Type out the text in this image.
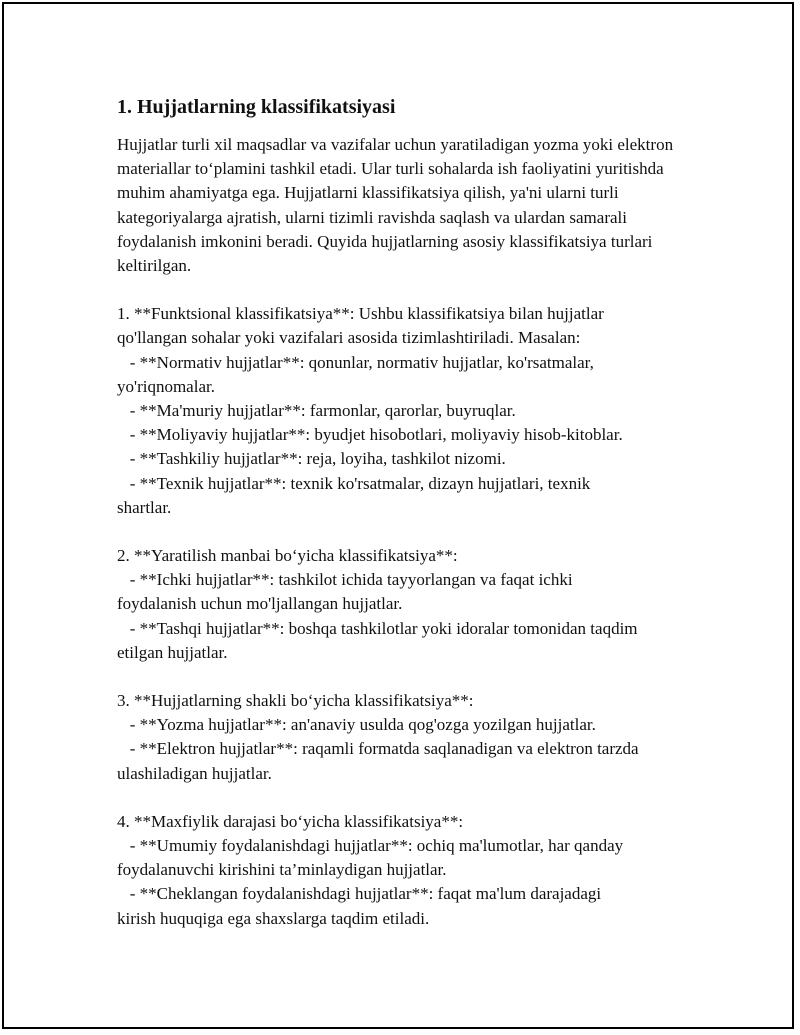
1. Hujjatlarning klassifikatsiyasi

Hujjatlar turli xil maqsadlar va vazifalar uchun yaratiladigan yozma yoki elektron materiallar to‘plamini tashkil etadi. Ular turli sohalarda ish faoliyatini yuritishda muhim ahamiyatga ega. Hujjatlarni klassifikatsiya qilish, ya'ni ularni turli kategoriyalarga ajratish, ularni tizimli ravishda saqlash va ulardan samarali foydalanish imkonini beradi. Quyida hujjatlarning asosiy klassifikatsiya turlari keltirilgan.

1. **Funktsional klassifikatsiya**: Ushbu klassifikatsiya bilan hujjatlar
qo'llangan sohalar yoki vazifalari asosida tizimlashtiriladi. Masalan:
- **Normativ hujjatlar**: qonunlar, normativ hujjatlar, ko'rsatmalar,
yo'riqnomalar.
- **Ma'muriy hujjatlar**: farmonlar, qarorlar, buyruqlar.
- **Moliyaviy hujjatlar**: byudjet hisobotlari, moliyaviy hisob-kitoblar.
- **Tashkiliy hujjatlar**: reja, loyiha, tashkilot nizomi.
- **Texnik hujjatlar**: texnik ko'rsatmalar, dizayn hujjatlari, texnik
shartlar.
2. **Yaratilish manbai bo‘yicha klassifikatsiya**:
- **Ichki hujjatlar**: tashkilot ichida tayyorlangan va faqat ichki
foydalanish uchun mo'ljallangan hujjatlar.
- **Tashqi hujjatlar**: boshqa tashkilotlar yoki idoralar tomonidan taqdim
etilgan hujjatlar.
3. **Hujjatlarning shakli bo‘yicha klassifikatsiya**:
- **Yozma hujjatlar**: an'anaviy usulda qog'ozga yozilgan hujjatlar.
- **Elektron hujjatlar**: raqamli formatda saqlanadigan va elektron tarzda
ulashiladigan hujjatlar.
4. **Maxfiylik darajasi bo‘yicha klassifikatsiya**:
- **Umumiy foydalanishdagi hujjatlar**: ochiq ma'lumotlar, har qanday
foydalanuvchi kirishini ta’minlaydigan hujjatlar.
- **Cheklangan foydalanishdagi hujjatlar**: faqat ma'lum darajadagi
kirish huquqiga ega shaxslarga taqdim etiladi.
